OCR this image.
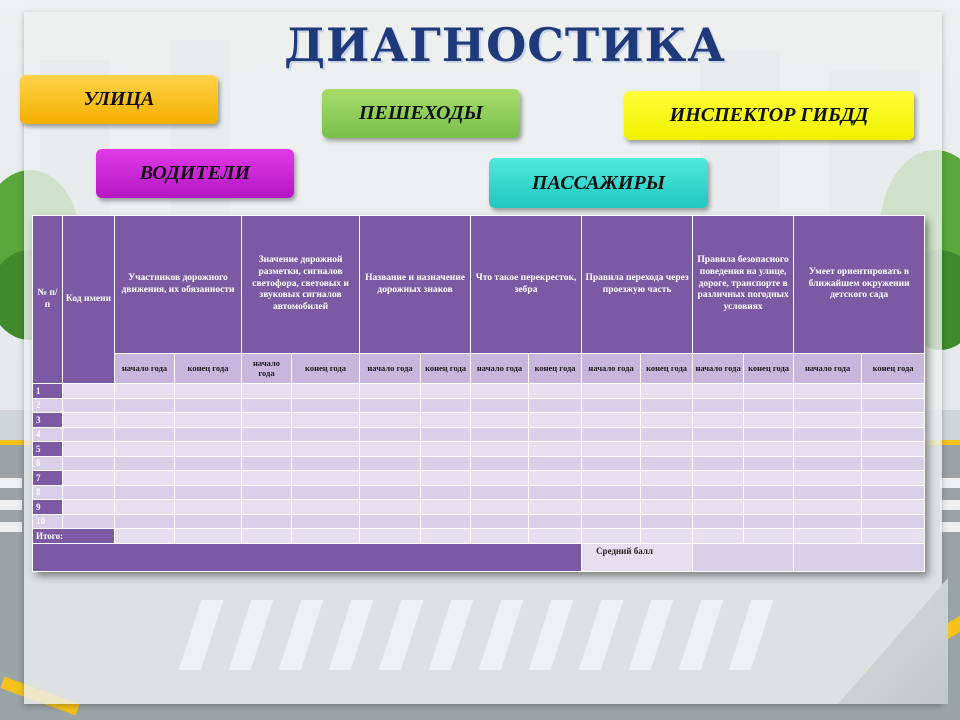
ДИАГНОСТИКА
УЛИЦА
ПЕШЕХОДЫ	ИНСПЕКТОР ГИБДД
ВОДИТЕЛИ	ПАССАЖИРЫ
№ п/п	Код имени	Участников дорожного движения, их обязанности		Значение дорожной разметки, сигналов светофора, световых и звуковых сигналов автомобилей		Название и назначение дорожных знаков		Что такое перекресток, зебра		Правила перехода через проезжую часть		Правила безопасного поведения на улице, дороге, транспорте в различных погодных условиях		Умеет ориентировать в ближайшем окружении детского сада	
		начало года	конец года	начало года	конец года	начало года	конец года	начало года	конец года	начало года	конец года	начало года	конец года	начало года	конец года
1															
2															
3															
4															
5															
6															
7															
8															
9															
10															
Итого:															
										Средний балл					
